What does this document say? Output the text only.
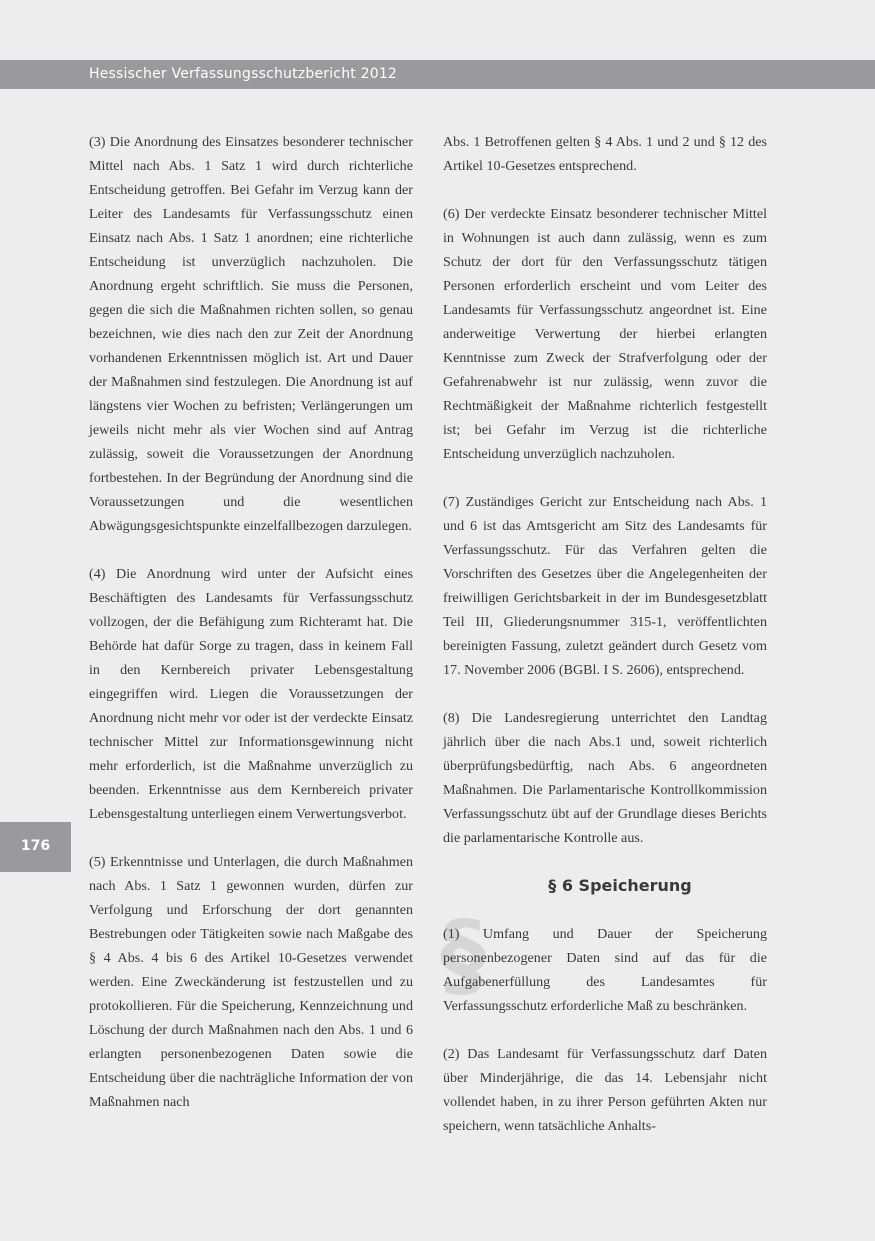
Hessischer Verfassungsschutzbericht 2012
176
§

(3) Die Anordnung des Einsatzes besonderer technischer Mittel nach Abs. 1 Satz 1 wird durch richterliche Entscheidung getroffen. Bei Gefahr im Verzug kann der Leiter des Landesamts für Verfassungsschutz einen Einsatz nach Abs. 1 Satz 1 anordnen; eine richterliche Entscheidung ist unverzüglich nachzuholen. Die Anordnung ergeht schriftlich. Sie muss die Personen, gegen die sich die Maßnahmen richten sollen, so genau bezeichnen, wie dies nach den zur Zeit der Anordnung vorhandenen Erkenntnissen möglich ist. Art und Dauer der Maßnahmen sind festzulegen. Die Anordnung ist auf längstens vier Wochen zu befristen; Verlängerungen um jeweils nicht mehr als vier Wochen sind auf Antrag zulässig, soweit die Voraussetzungen der Anordnung fortbestehen. In der Begründung der Anordnung sind die Voraussetzungen und die wesentlichen Abwägungsgesichtspunkte einzelfallbezogen darzulegen.

(4) Die Anordnung wird unter der Aufsicht eines Beschäftigten des Landesamts für Verfassungsschutz vollzogen, der die Befähigung zum Richteramt hat. Die Behörde hat dafür Sorge zu tragen, dass in keinem Fall in den Kernbereich privater Lebensgestaltung eingegriffen wird. Liegen die Voraussetzungen der Anordnung nicht mehr vor oder ist der verdeckte Einsatz technischer Mittel zur Informationsgewinnung nicht mehr erforderlich, ist die Maßnahme unverzüglich zu beenden. Erkenntnisse aus dem Kernbereich privater Lebensgestaltung unterliegen einem Verwertungsverbot.

(5) Erkenntnisse und Unterlagen, die durch Maßnahmen nach Abs. 1 Satz 1 gewonnen wurden, dürfen zur Verfolgung und Erforschung der dort genannten Bestrebungen oder Tätigkeiten sowie nach Maßgabe des § 4 Abs. 4 bis 6 des Artikel 10-Gesetzes verwendet werden. Eine Zweckänderung ist festzustellen und zu protokollieren. Für die Speicherung, Kennzeichnung und Löschung der durch Maßnahmen nach den Abs. 1 und 6 erlangten personenbezogenen Daten sowie die Entscheidung über die nachträgliche Information der von Maßnahmen nach

Abs. 1 Betroffenen gelten § 4 Abs. 1 und 2 und § 12 des Artikel 10-Gesetzes entsprechend.

(6) Der verdeckte Einsatz besonderer technischer Mittel in Wohnungen ist auch dann zulässig, wenn es zum Schutz der dort für den Verfassungsschutz tätigen Personen erforderlich erscheint und vom Leiter des Landesamts für Verfassungsschutz angeordnet ist. Eine anderweitige Verwertung der hierbei erlangten Kenntnisse zum Zweck der Strafverfolgung oder der Gefahrenabwehr ist nur zulässig, wenn zuvor die Rechtmäßigkeit der Maßnahme richterlich festgestellt ist; bei Gefahr im Verzug ist die richterliche Entscheidung unverzüglich nachzuholen.

(7) Zuständiges Gericht zur Entscheidung nach Abs. 1 und 6 ist das Amtsgericht am Sitz des Landesamts für Verfassungsschutz. Für das Verfahren gelten die Vorschriften des Gesetzes über die Angelegenheiten der freiwilligen Gerichtsbarkeit in der im Bundesgesetzblatt Teil III, Gliederungsnummer 315-1, veröffentlichten bereinigten Fassung, zuletzt geändert durch Gesetz vom 17. November 2006 (BGBl. I S. 2606), entsprechend.

(8) Die Landesregierung unterrichtet den Landtag jährlich über die nach Abs.1 und, soweit richterlich überprüfungsbedürftig, nach Abs. 6 angeordneten Maßnahmen. Die Parlamentarische Kontrollkommission Verfassungsschutz übt auf der Grundlage dieses Berichts die parlamentarische Kontrolle aus.

§ 6 Speicherung

(1) Umfang und Dauer der Speicherung personenbezogener Daten sind auf das für die Aufgabenerfüllung des Landesamtes für Verfassungsschutz erforderliche Maß zu beschränken.

(2) Das Landesamt für Verfassungsschutz darf Daten über Minderjährige, die das 14. Lebensjahr nicht vollendet haben, in zu ihrer Person geführten Akten nur speichern, wenn tatsächliche Anhalts-
